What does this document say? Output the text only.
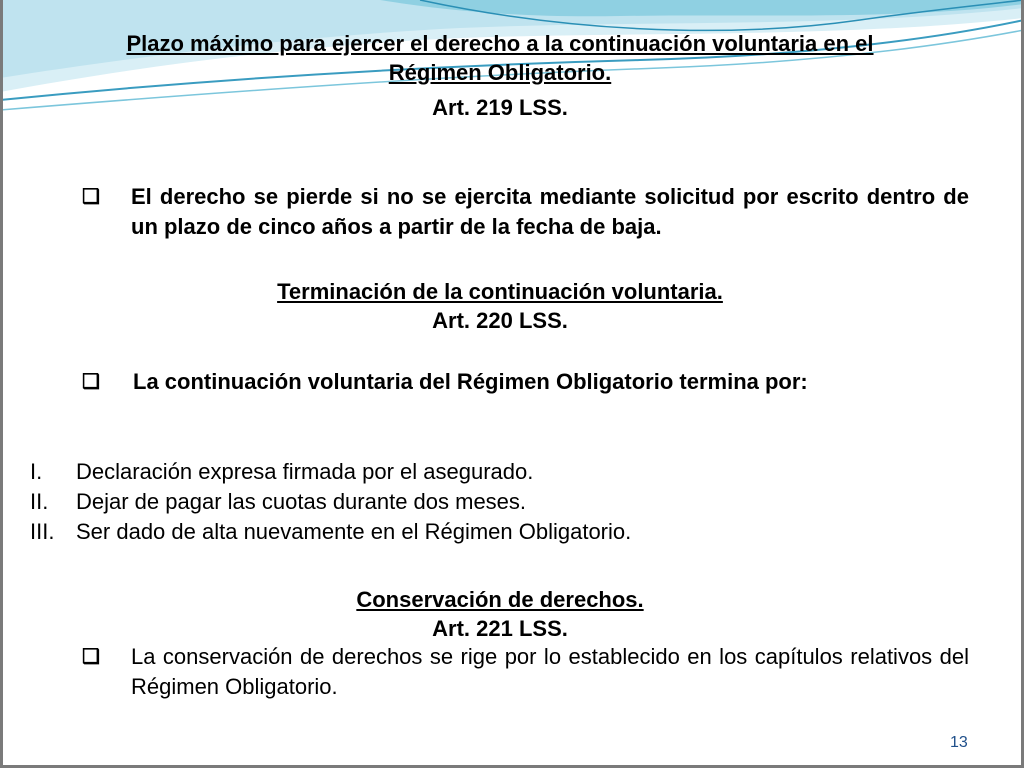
Plazo máximo para ejercer el derecho a la continuación voluntaria en el
Régimen Obligatorio.
Art. 219 LSS.
❑ El derecho se pierde si no se ejercita mediante solicitud por escrito dentro de un plazo de cinco años a partir de la fecha de baja.
Terminación de la continuación voluntaria.
Art. 220 LSS.
❑ La continuación voluntaria del Régimen Obligatorio termina por:
I.	Declaración expresa firmada por el asegurado.
II.	Dejar de pagar las cuotas durante dos meses.
III. Ser dado de alta nuevamente en el Régimen Obligatorio.
Conservación de derechos.
Art. 221 LSS.
❑ La conservación de derechos se rige por lo establecido en los capítulos relativos del Régimen Obligatorio.
13
